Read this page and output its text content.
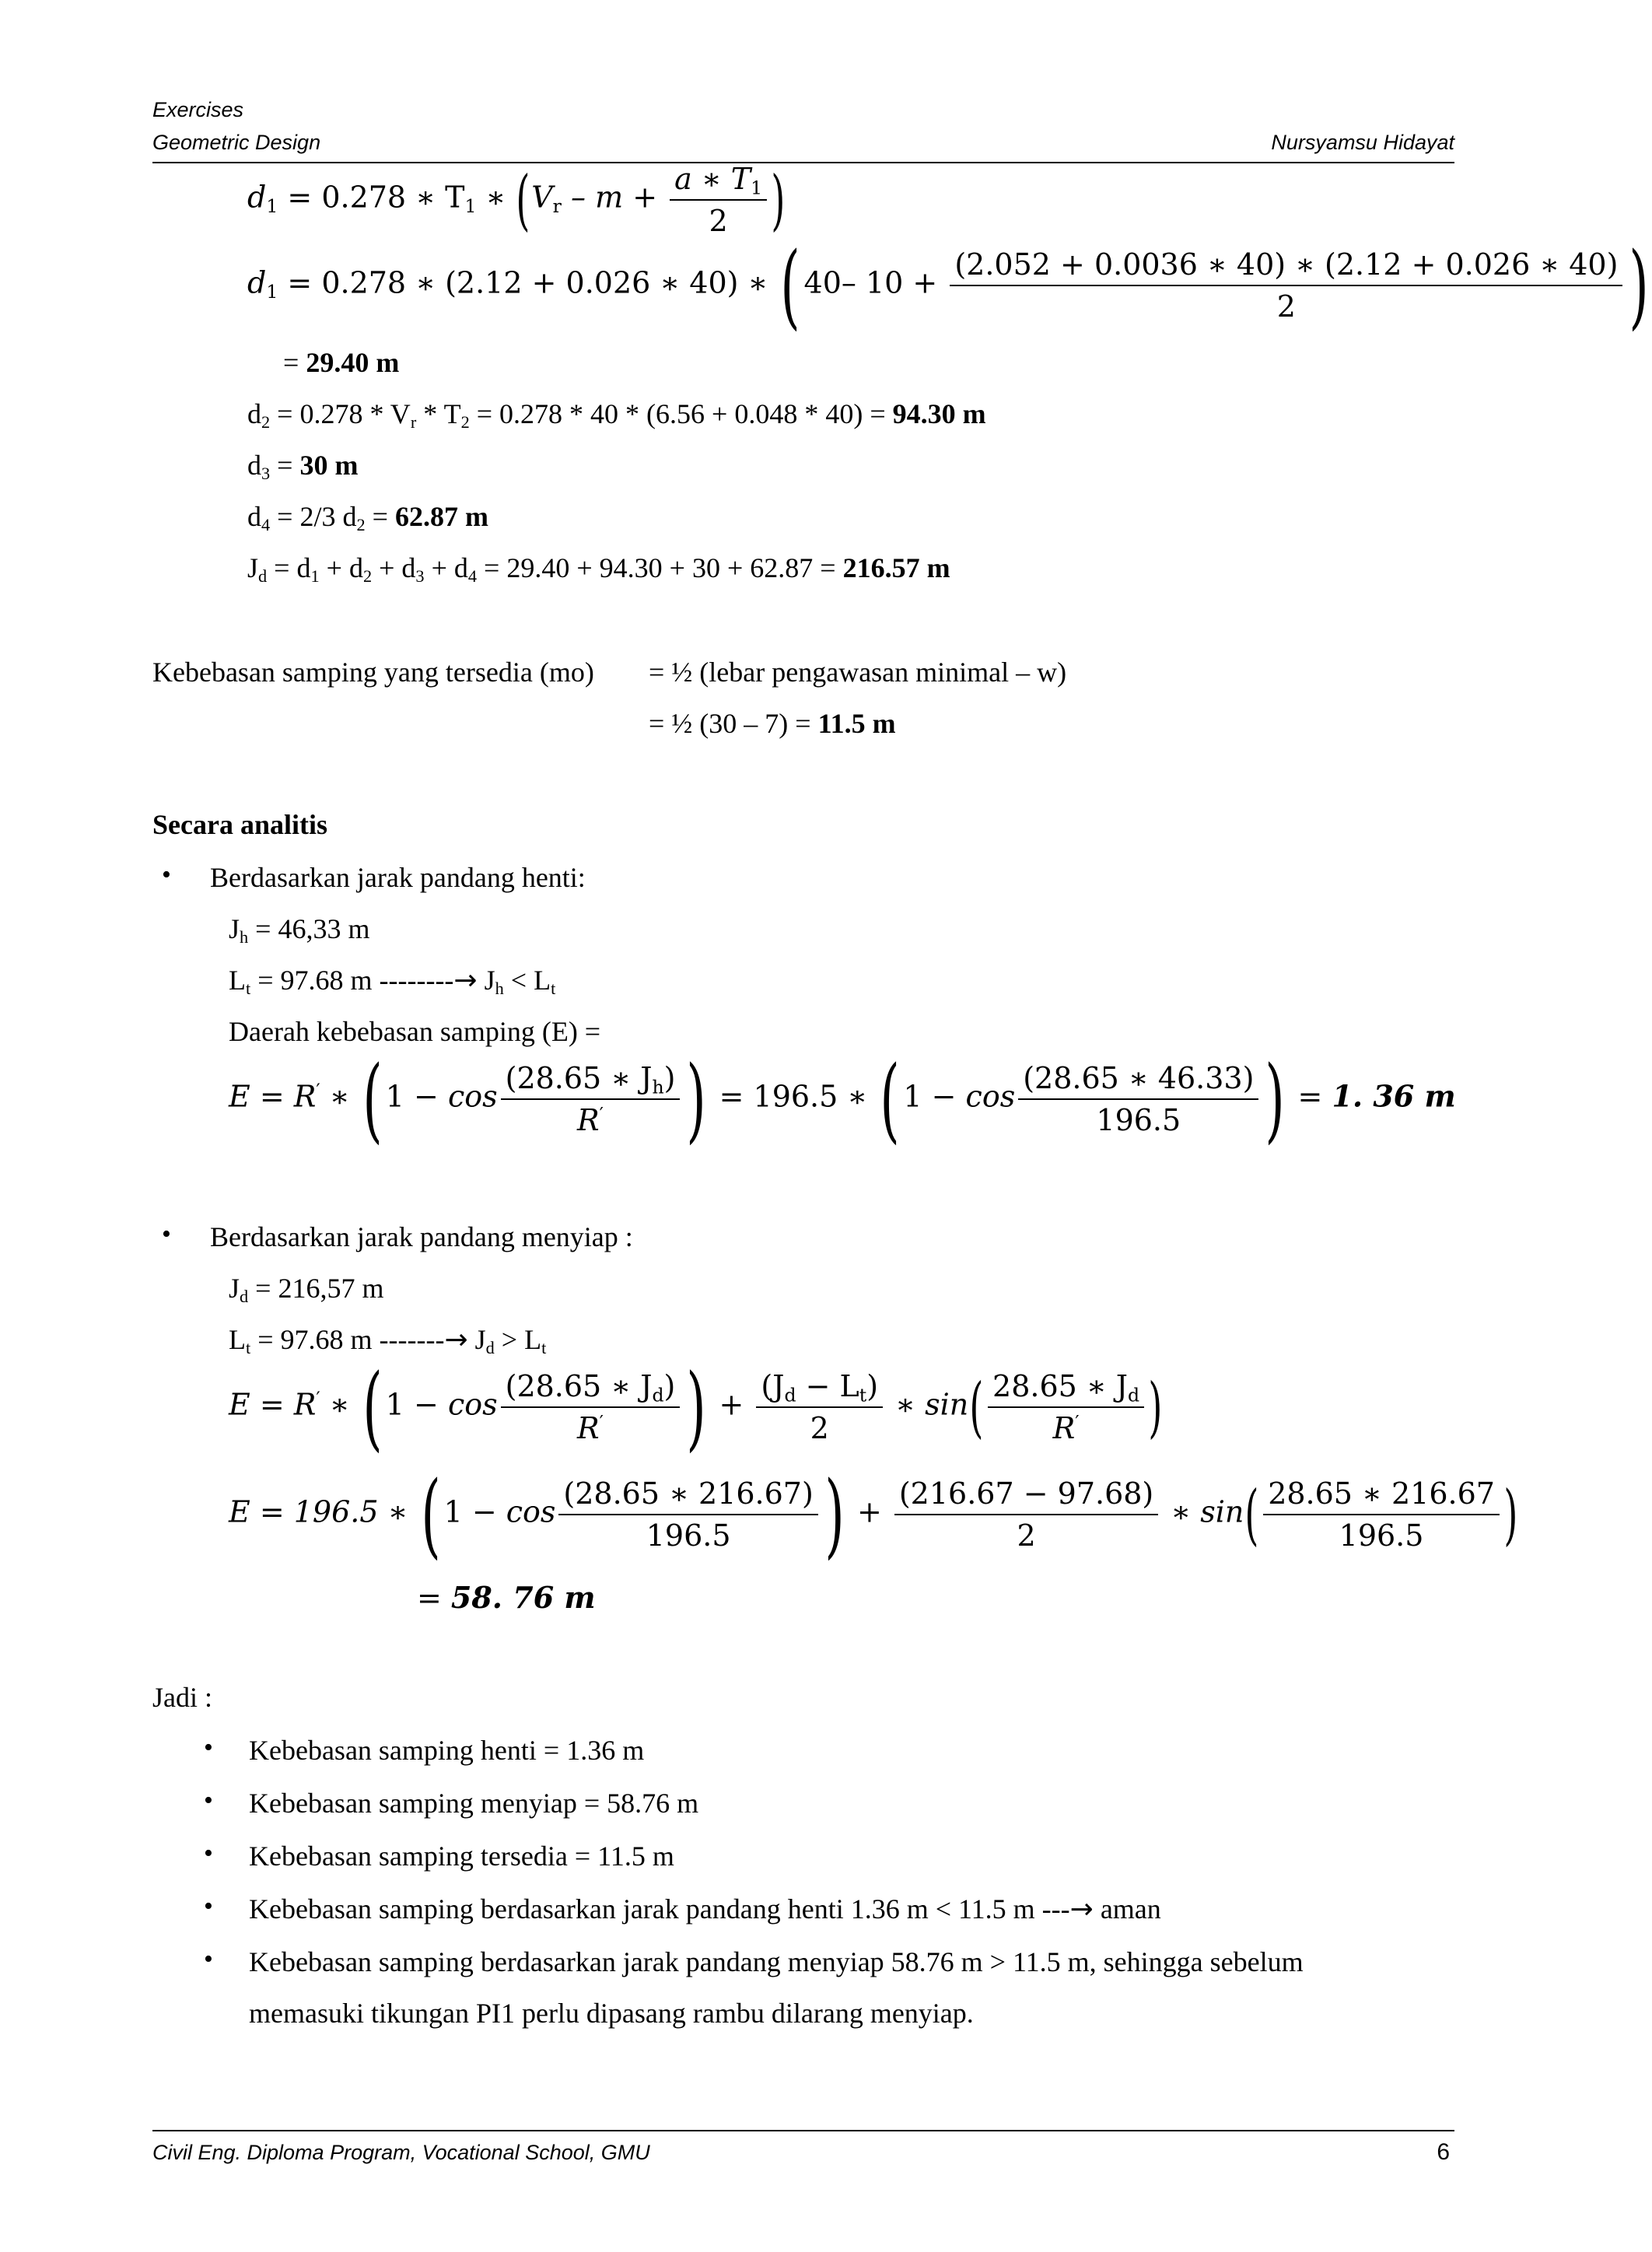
Exercises
Geometric Design	Nursyamsu Hidayat
$d_1 = 0.278$ ∗ $T_1$ ∗ ($V_r - m + \frac{a ∗ T_1}{2}$ )
$d_1 = 0.278$ ∗ (2.12 + 0.026 ∗ 40) ∗ ( 40– $10 + \frac{(2.052 + 0.0036 ∗ 40) ∗ (2.12 + 0.026 ∗ 40)}{2}$ )
= 29.40 m
$d_2 = 0.278 * V_r * T_2 = 0.278 * 40 * (6.56 + 0.048 * 40) = 94.30$ m
$d_3 = 30$ m
$d_4 = 2/3$ $d_2 = 62.87$ m
$J_d = d_1 + d_2 + d_3 + d_4 = 29.40 + 94.30 + 30 + 62.87 = 216.57$ m
Kebebasan samping yang tersedia (mo) = ½ (lebar pengawasan minimal – w)
= ½ (30 – 7) = 11.5 m
Secara analitis
• Berdasarkan jarak pandang henti:
$J_h = 46,33$ m
$L_t = 97.68$ m --------→ $J_h < L_t$
Daerah kebebasan samping (E) =
E = R′ ∗ ( $1 - \cos \frac{(28.65 ∗ J_h)}{R'}$ ) = 196.5 ∗ ( $1 - \cos \frac{(28.65 ∗ 46.33)}{196.5}$ ) = 1. 36 m
• Berdasarkan jarak pandang menyiap :
$J_d = 216,57$ m
$L_t = 97.68$ m -------→ $J_d > L_t$
E = R′ ∗ ( $1 - \cos \frac{(28.65 ∗ J_d)}{R'}$ ) + $\frac{(J_d - L_t)}{2}$ ∗ $\sin( \frac{28.65 ∗ J_d}{R'}$ )
E = 196.5 ∗ ( $1 - \cos \frac{(28.65 ∗ 216.67)}{196.5}$ ) + $\frac{(216.67 - 97.68)}{2}$ ∗ $\sin( \frac{28.65 ∗ 216.67}{196.5}$ )
= 58. 76 m
Jadi :
• Kebebasan samping henti = 1.36 m
• Kebebasan samping menyiap = 58.76 m
• Kebebasan samping tersedia = 11.5 m
• Kebebasan samping berdasarkan jarak pandang henti 1.36 m < 11.5 m ---→ aman
• Kebebasan samping berdasarkan jarak pandang menyiap 58.76 m > 11.5 m, sehingga sebelum
memasuki tikungan PI1 perlu dipasang rambu dilarang menyiap.
Civil Eng. Diploma Program, Vocational School, GMU	6
